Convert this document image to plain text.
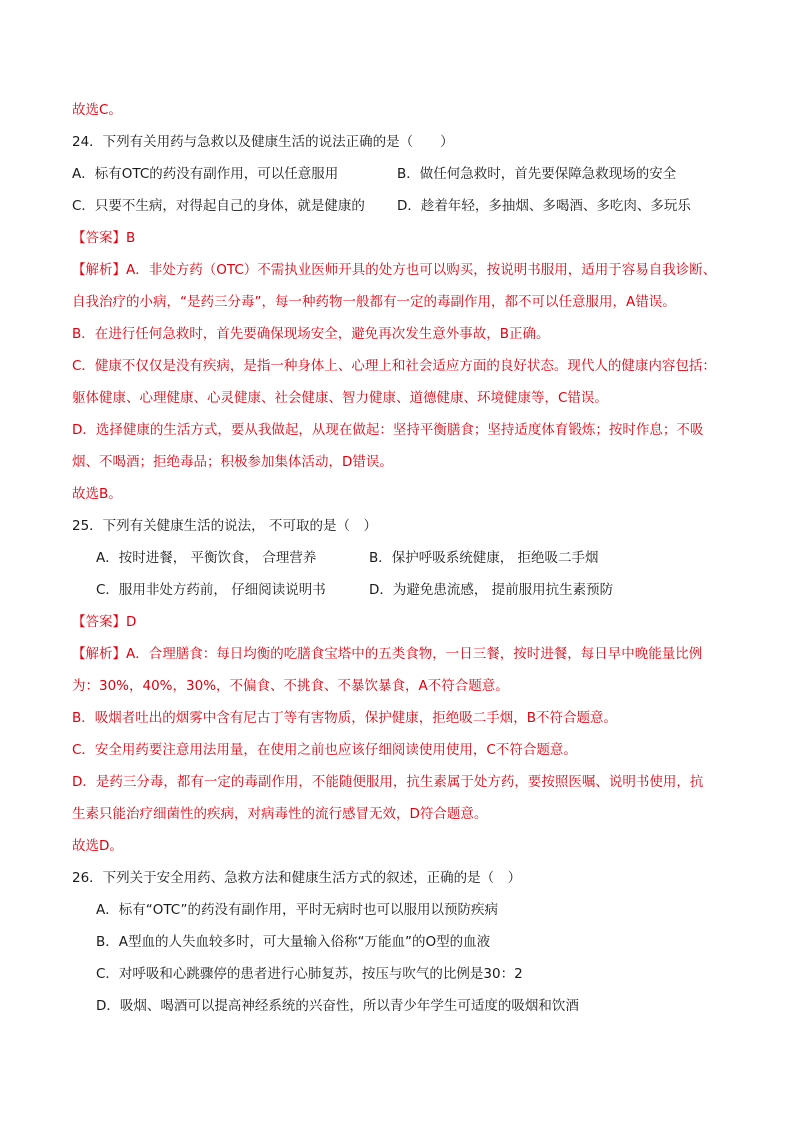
故选C。
24．下列有关用药与急救以及健康生活的说法正确的是（　　）
A．标有OTC的药没有副作用，可以任意服用	B．做任何急救时，首先要保障急救现场的安全
C．只要不生病，对得起自己的身体，就是健康的 D．趁着年轻，多抽烟、多喝酒、多吃肉、多玩乐
【答案】B
【解析】A．非处方药（OTC）不需执业医师开具的处方也可以购买，按说明书服用，适用于容易自我诊断、
自我治疗的小病，“是药三分毒”，每一种药物一般都有一定的毒副作用，都不可以任意服用，A错误。
B．在进行任何急救时，首先要确保现场安全，避免再次发生意外事故，B正确。
C．健康不仅仅是没有疾病，是指一种身体上、心理上和社会适应方面的良好状态。现代人的健康内容包括：
躯体健康、心理健康、心灵健康、社会健康、智力健康、道德健康、环境健康等，C错误。
D．选择健康的生活方式，要从我做起，从现在做起：坚持平衡膳食；坚持适度体育锻炼；按时作息；不吸
烟、不喝酒；拒绝毒品；积极参加集体活动，D错误。
故选B。
25．下列有关健康生活的说法， 不可取的是（　）
A．按时进餐， 平衡饮食， 合理营养	B．保护呼吸系统健康， 拒绝吸二手烟
C．服用非处方药前， 仔细阅读说明书	D．为避免患流感， 提前服用抗生素预防
【答案】D
【解析】A．合理膳食：每日均衡的吃膳食宝塔中的五类食物，一日三餐，按时进餐，每日早中晚能量比例
为：30%，40%，30%，不偏食、不挑食、不暴饮暴食，A不符合题意。
B．吸烟者吐出的烟雾中含有尼古丁等有害物质，保护健康，拒绝吸二手烟，B不符合题意。
C．安全用药要注意用法用量，在使用之前也应该仔细阅读使用使用，C不符合题意。
D．是药三分毒，都有一定的毒副作用，不能随便服用，抗生素属于处方药，要按照医嘱、说明书使用，抗
生素只能治疗细菌性的疾病，对病毒性的流行感冒无效，D符合题意。
故选D。
26．下列关于安全用药、急救方法和健康生活方式的叙述，正确的是（　）
A．标有“OTC”的药没有副作用，平时无病时也可以服用以预防疾病
B．A型血的人失血较多时，可大量输入俗称“万能血”的O型的血液
C．对呼吸和心跳骤停的患者进行心肺复苏，按压与吹气的比例是30：2
D．吸烟、喝酒可以提高神经系统的兴奋性，所以青少年学生可适度的吸烟和饮酒
